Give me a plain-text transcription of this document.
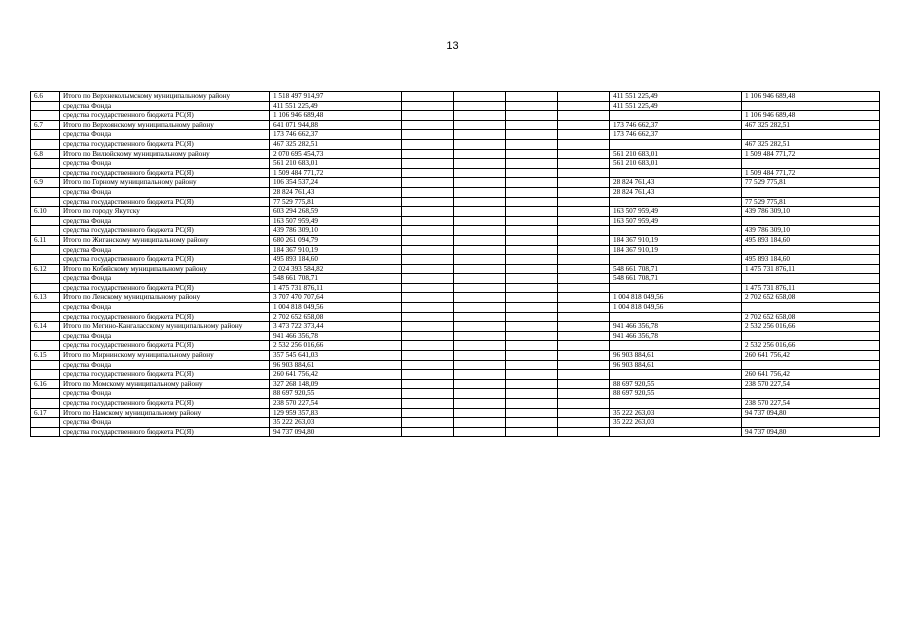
13
6.6	Итого по Верхнеколымскому муниципальному району	1 518 497 914,97					411 551 225,49	1 106 946 689,48
	средства Фонда	411 551 225,49					411 551 225,49	
	средства государственного бюджета РС(Я)	1 106 946 689,48						1 106 946 689,48
6.7	Итого по Верхоянскому муниципальному району	641 071 944,88					173 746 662,37	467 325 282,51
	средства Фонда	173 746 662,37					173 746 662,37	
	средства государственного бюджета РС(Я)	467 325 282,51						467 325 282,51
6.8	Итого по Вилюйскому муниципальному району	2 070 695 454,73					561 210 683,01	1 509 484 771,72
	средства Фонда	561 210 683,01					561 210 683,01	
	средства государственного бюджета РС(Я)	1 509 484 771,72						1 509 484 771,72
6.9	Итого по Горному муниципальному району	106 354 537,24					28 824 761,43	77 529 775,81
	средства Фонда	28 824 761,43					28 824 761,43	
	средства государственного бюджета РС(Я)	77 529 775,81						77 529 775,81
6.10	Итого по городу Якутску	603 294 268,59					163 507 959,49	439 786 309,10
	средства Фонда	163 507 959,49					163 507 959,49	
	средства государственного бюджета РС(Я)	439 786 309,10						439 786 309,10
6.11	Итого по Жиганскому муниципальному району	680 261 094,79					184 367 910,19	495 893 184,60
	средства Фонда	184 367 910,19					184 367 910,19	
	средства государственного бюджета РС(Я)	495 893 184,60						495 893 184,60
6.12	Итого по Кобяйскому муниципальному району	2 024 393 584,82					548 661 708,71	1 475 731 876,11
	средства Фонда	548 661 708,71					548 661 708,71	
	средства государственного бюджета РС(Я)	1 475 731 876,11						1 475 731 876,11
6.13	Итого по Ленскому муниципальному району	3 707 470 707,64					1 004 818 049,56	2 702 652 658,08
	средства Фонда	1 004 818 049,56					1 004 818 049,56	
	средства государственного бюджета РС(Я)	2 702 652 658,08						2 702 652 658,08
6.14	Итого по Мегино-Кангаласскому муниципальному району	3 473 722 373,44					941 466 356,78	2 532 256 016,66
	средства Фонда	941 466 356,78					941 466 356,78	
	средства государственного бюджета РС(Я)	2 532 256 016,66						2 532 256 016,66
6.15	Итого по Мирнинскому муниципальному району	357 545 641,03					96 903 884,61	260 641 756,42
	средства Фонда	96 903 884,61					96 903 884,61	
	средства государственного бюджета РС(Я)	260 641 756,42						260 641 756,42
6.16	Итого по Момскому муниципальному району	327 268 148,09					88 697 920,55	238 570 227,54
	средства Фонда	88 697 920,55					88 697 920,55	
	средства государственного бюджета РС(Я)	238 570 227,54						238 570 227,54
6.17	Итого по Намскому муниципальному району	129 959 357,83					35 222 263,03	94 737 094,80
	средства Фонда	35 222 263,03					35 222 263,03	
	средства государственного бюджета РС(Я)	94 737 094,80						94 737 094,80
